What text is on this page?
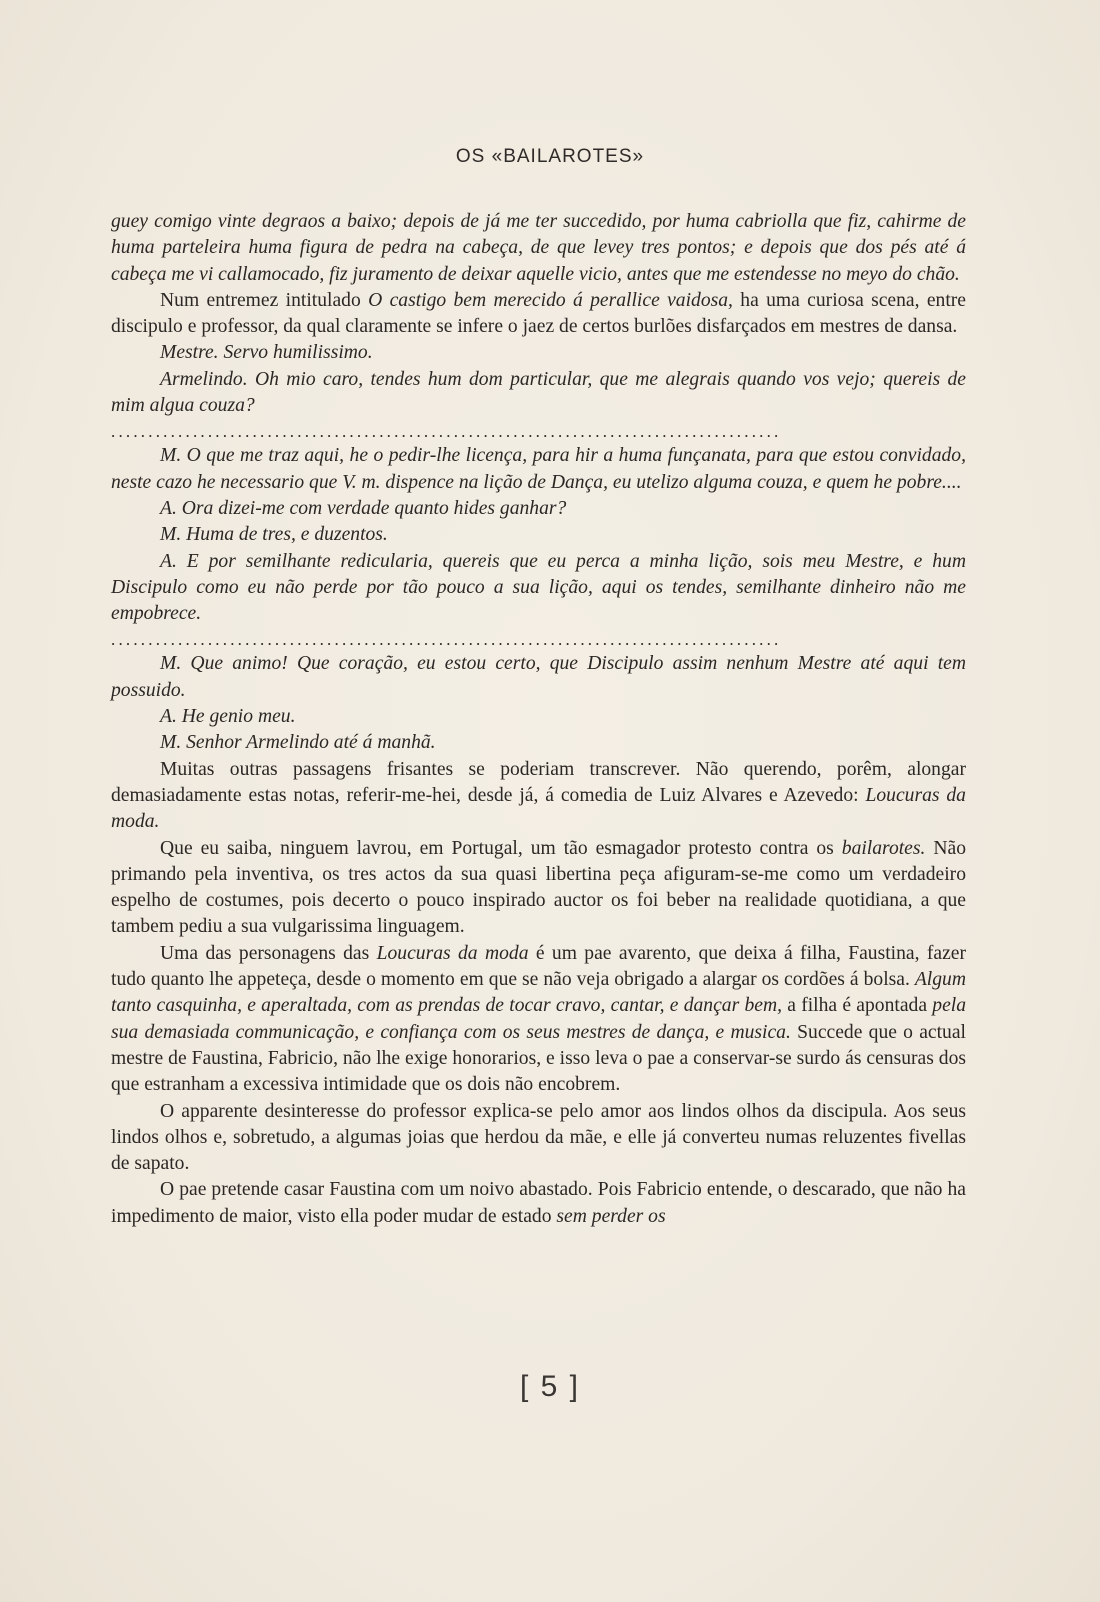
OS «BAILAROTES»

guey comigo vinte degraos a baixo; depois de já me ter succedido, por huma cabriolla que fiz, cahirme de huma parteleira huma figura de pedra na cabeça, de que levey tres pontos; e depois que dos pés até á cabeça me vi callamocado, fiz juramento de deixar aquelle vicio, antes que me estendesse no meyo do chão.

Num entremez intitulado O castigo bem merecido á perallice vaidosa, ha uma curiosa scena, entre discipulo e professor, da qual claramente se infere o jaez de certos burlões disfarçados em mestres de dansa.

Mestre. Servo humilissimo.

Armelindo. Oh mio caro, tendes hum dom particular, que me alegrais quando vos vejo; quereis de mim algua couza?

..........................................................................................

M. O que me traz aqui, he o pedir-lhe licença, para hir a huma funçanata, para que estou convidado, neste cazo he necessario que V. m. dispence na lição de Dança, eu utelizo alguma couza, e quem he pobre....

A. Ora dizei-me com verdade quanto hides ganhar?

M. Huma de tres, e duzentos.

A. E por semilhante rediculаria, quereis que eu perca a minha lição, sois meu Mestre, e hum Discipulo como eu não perde por tão pouco a sua lição, aqui os tendes, semilhante dinheiro não me empobrece.

..........................................................................................

M. Que animo! Que coração, eu estou certo, que Discipulo assim nenhum Mestre até aqui tem possuido.

A. He genio meu.

M. Senhor Armelindo até á manhã.

Muitas outras passagens frisantes se poderiam transcrever. Não querendo, porêm, alongar demasiadamente estas notas, referir-me-hei, desde já, á comedia de Luiz Alvares e Azevedo: Loucuras da moda.

Que eu saiba, ninguem lavrou, em Portugal, um tão esmagador protesto contra os bailarotes. Não primando pela inventiva, os tres actos da sua quasi libertina peça afiguram-se-me como um verdadeiro espelho de costumes, pois decerto o pouco inspirado auctor os foi beber na realidade quotidiana, a que tambem pediu a sua vulgarissima linguagem.

Uma das personagens das Loucuras da moda é um pae avarento, que deixa á filha, Faustina, fazer tudo quanto lhe appeteça, desde o momento em que se não veja obrigado a alargar os cordões á bolsa. Algum tanto casquinha, e aperaltada, com as prendas de tocar cravo, cantar, e dançar bem, a filha é apontada pela sua demasiada communicação, e confiança com os seus mestres de dança, e musica. Succede que o actual mestre de Faustina, Fabricio, não lhe exige honorarios, e isso leva o pae a conservar-se surdo ás censuras dos que estranham a excessiva intimidade que os dois não encobrem.

O apparente desinteresse do professor explica-se pelo amor aos lindos olhos da discipula. Aos seus lindos olhos e, sobretudo, a algumas joias que herdou da mãe, e elle já converteu numas reluzentes fivellas de sapato.

O pae pretende casar Faustina com um noivo abastado. Pois Fabricio entende, o descarado, que não ha impedimento de maior, visto ella poder mudar de estado sem perder os

[ 5 ]
